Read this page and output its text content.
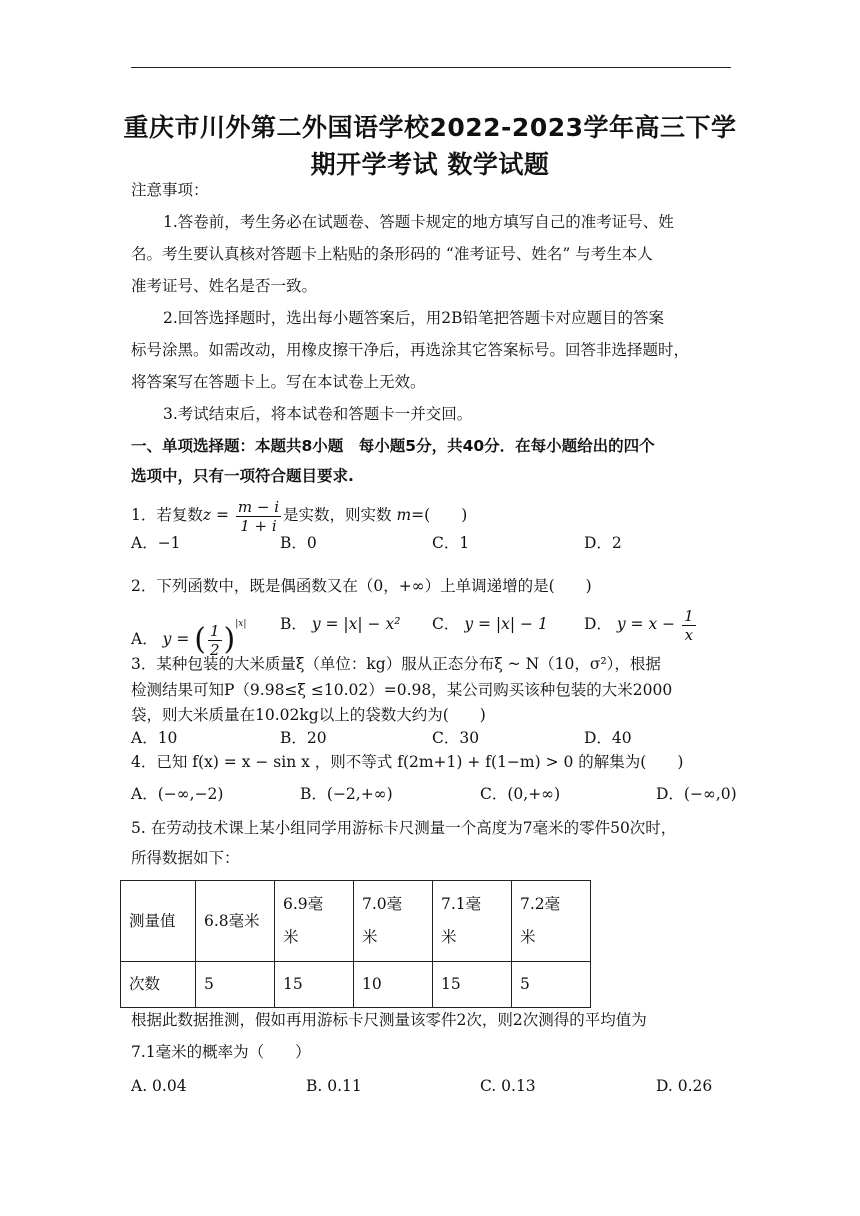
重庆市川外第二外国语学校2022-2023学年高三下学
期开学考试 数学试题
注意事项：
1.答卷前，考生务必在试题卷、答题卡规定的地方填写自己的准考证号、姓
名。考生要认真核对答题卡上粘贴的条形码的 “准考证号、姓名” 与考生本人
准考证号、姓名是否一致。
2.回答选择题时，选出每小题答案后，用2B铅笔把答题卡对应题目的答案
标号涂黑。如需改动，用橡皮擦干净后，再选涂其它答案标号。回答非选择题时，
将答案写在答题卡上。写在本试卷上无效。
3.考试结束后，将本试卷和答题卡一并交回。
一、单项选择题：本题共8小题　每小题5分，共40分．在每小题给出的四个
选项中，只有一项符合题目要求.
1．若复数$z = \frac{m - i}{1 + i}$ 是实数，则实数 m=(　　)
A．−1	B．0	C．1	D．2
2．下列函数中，既是偶函数又在（0，+∞）上单调递增的是(　　)
A． y = ( $\frac{1}{2} )^{|x|}$ B． y = |x| − x² C． y = |x| − 1 D． $y = x - \frac{1}{x}$
3．某种包装的大米质量ξ（单位：kg）服从正态分布ξ ~ N（10，σ²），根据
检测结果可知P（9.98≤ξ ≤10.02）=0.98，某公司购买该种包装的大米2000
袋，则大米质量在10.02kg以上的袋数大约为(　　)
A．10	B．20	C．30	D．40
4．已知 f(x) = x − sin x ，则不等式 f(2m+1) + f(1−m) > 0 的解集为(　　)
A．(−∞,−2)	B．(−2,+∞)	C．(0,+∞)	D．(−∞,0)
5. 在劳动技术课上某小组同学用游标卡尺测量一个高度为7毫米的零件50次时，
所得数据如下：
测量值	6.8毫米	6.9毫
米	7.0毫
米	7.1毫
米	7.2毫
米
次数	5	15	10	15	5
根据此数据推测，假如再用游标卡尺测量该零件2次，则2次测得的平均值为
7.1毫米的概率为（　　）
A. 0.04	B. 0.11	C. 0.13	D. 0.26
